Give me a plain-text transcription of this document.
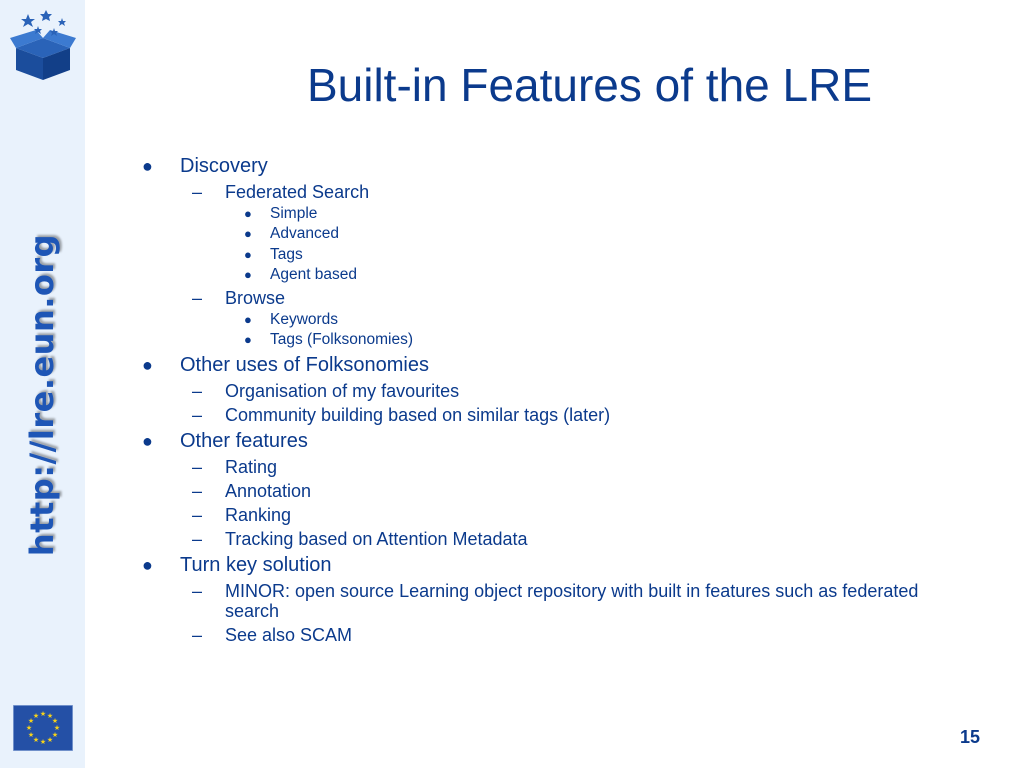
http://lre.eun.org
★ ★
★
★
★
★
★
★
★
★
★
★
Built-in Features of the LRE
● Discovery
– Federated Search
● Simple
● Advanced
● Tags
● Agent based
– Browse
● Keywords
● Tags (Folksonomies)
● Other uses of Folksonomies
– Organisation of my favourites
– Community building based on similar tags (later)
● Other features
– Rating
– Annotation
– Ranking
– Tracking based on Attention Metadata
● Turn key solution
– MINOR: open source Learning object repository with built in features such as federated search
– See also SCAM
15
